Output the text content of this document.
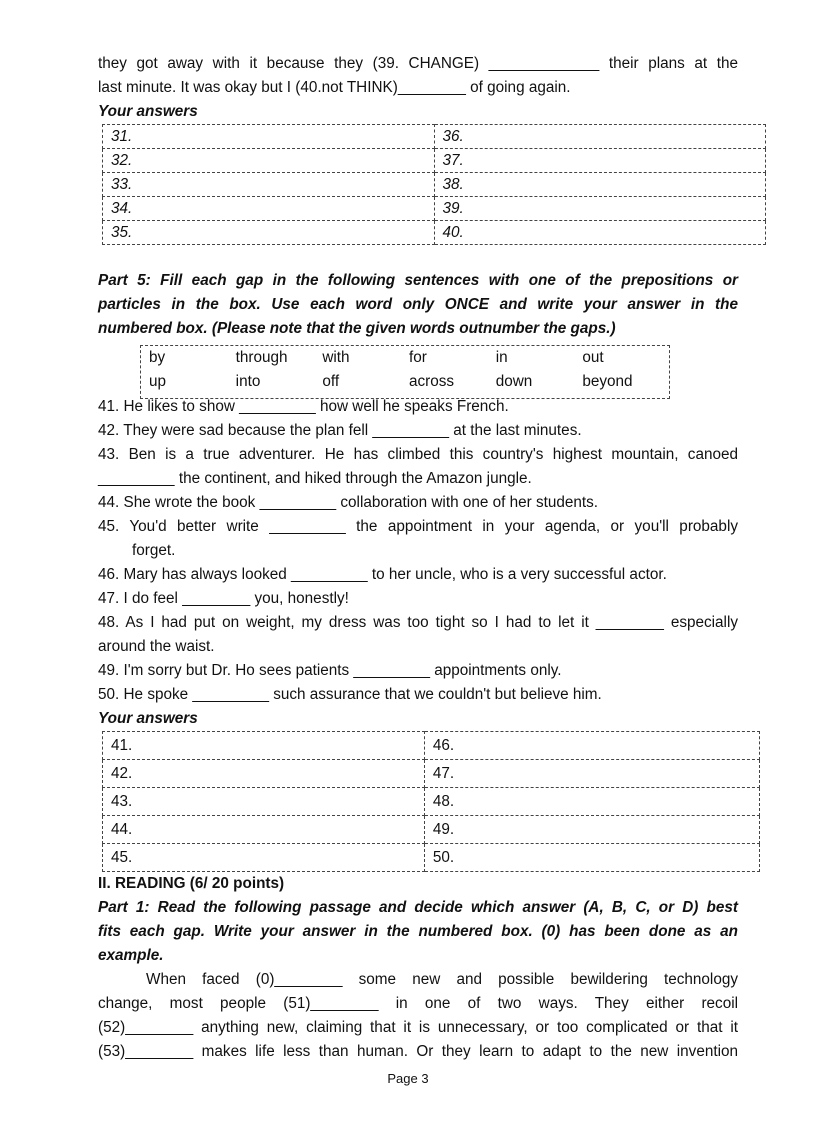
they got away with it because they (39. CHANGE) _____________ their plans at the

last minute. It was okay but I (40.not THINK)________ of going again.

Your answers

31.	36.
32.	37.
33.	38.
34.	39.
35.	40.

Part 5: Fill each gap in the following sentences with one of the prepositions or

particles in the box. Use each word only ONCE and write your answer in the

numbered box. (Please note that the given words outnumber the gaps.)

41. He likes to show _________ how well he speaks French.

42. They were sad because the plan fell _________ at the last minutes.

43. Ben is a true adventurer. He has climbed this country's highest mountain, canoed

_________ the continent, and hiked through the Amazon jungle.

44. She wrote the book _________ collaboration with one of her students.

45. You'd better write _________ the appointment in your agenda, or you'll probably

forget.

46. Mary has always looked _________ to her uncle, who is a very successful actor.

47. I do feel ________ you, honestly!

48. As I had put on weight, my dress was too tight so I had to let it ________ especially

around the waist.

49. I'm sorry but Dr. Ho sees patients _________ appointments only.

50. He spoke _________ such assurance that we couldn't but believe him.

Your answers

41.	46.
42.	47.
43.	48.
44.	49.
45.	50.

II. READING (6/ 20 points)

Part 1: Read the following passage and decide which answer (A, B, C, or D) best

fits each gap. Write your answer in the numbered box. (0) has been done as an

example.

When faced (0)________ some new and possible bewildering technology

change, most people (51)________ in one of two ways. They either recoil

(52)________ anything new, claiming that it is unnecessary, or too complicated or that it

(53)________ makes life less than human. Or they learn to adapt to the new invention

by	through	with	for	in	out
up	into	off	across	down	beyond
Page 3
